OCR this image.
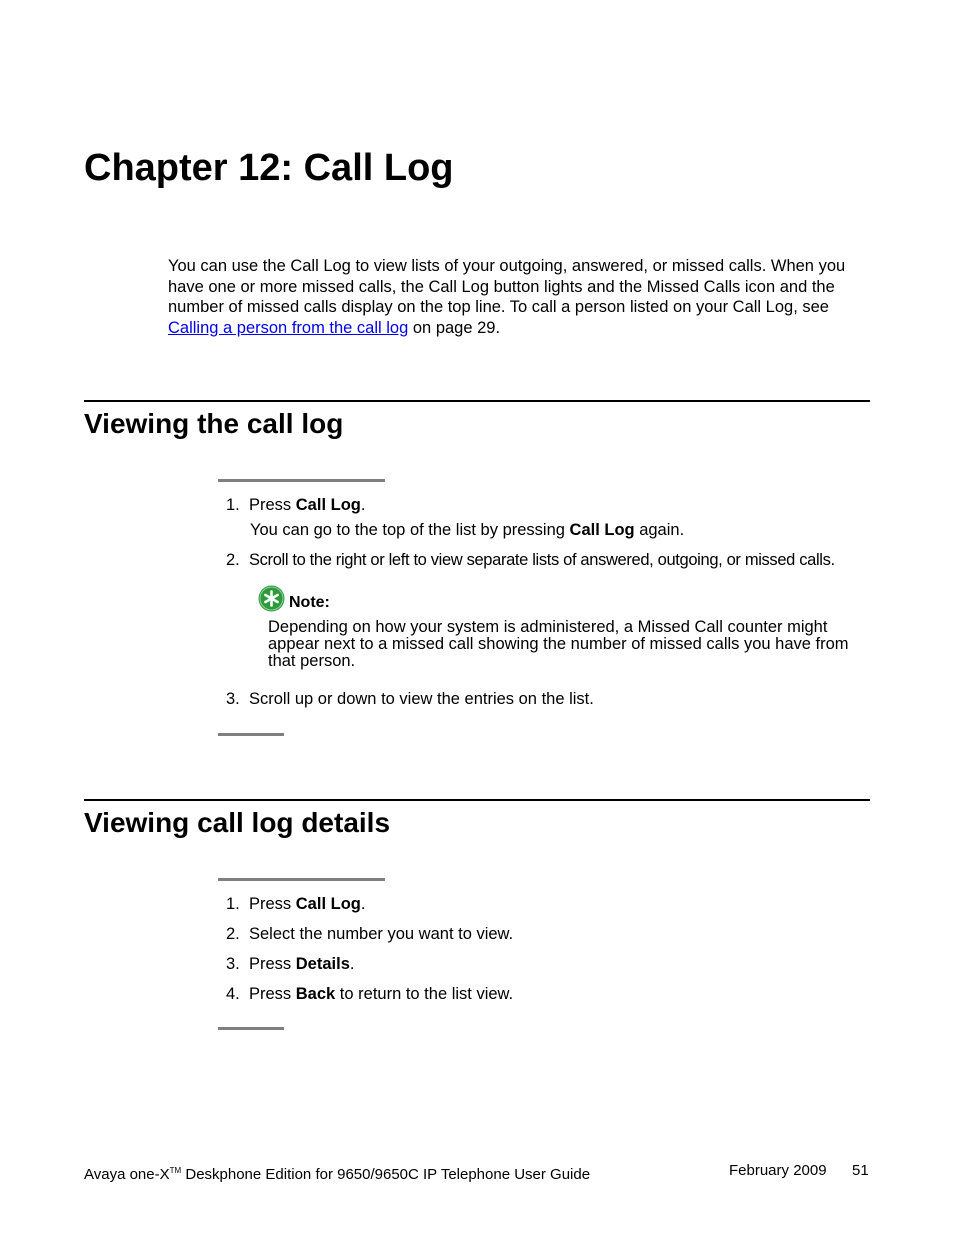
Chapter 12: Call Log

You can use the Call Log to view lists of your outgoing, answered, or missed calls. When you have one or more missed calls, the Call Log button lights and the Missed Calls icon and the number of missed calls display on the top line. To call a person listed on your Call Log, see Calling a person from the call log on page 29.

Viewing the call log
1. Press Call Log.
You can go to the top of the list by pressing Call Log again.
2. Scroll to the right or left to view separate lists of answered, outgoing, or missed calls.
Note:
Depending on how your system is administered, a Missed Call counter might appear next to a missed call showing the number of missed calls you have from that person.
3. Scroll up or down to view the entries on the list.
Viewing call log details
1. Press Call Log.
2. Select the number you want to view.
3. Press Details.
4. Press Back to return to the list view.
Avaya one-X™ Deskphone Edition for 9650/9650C IP Telephone User Guide	February 2009 51
